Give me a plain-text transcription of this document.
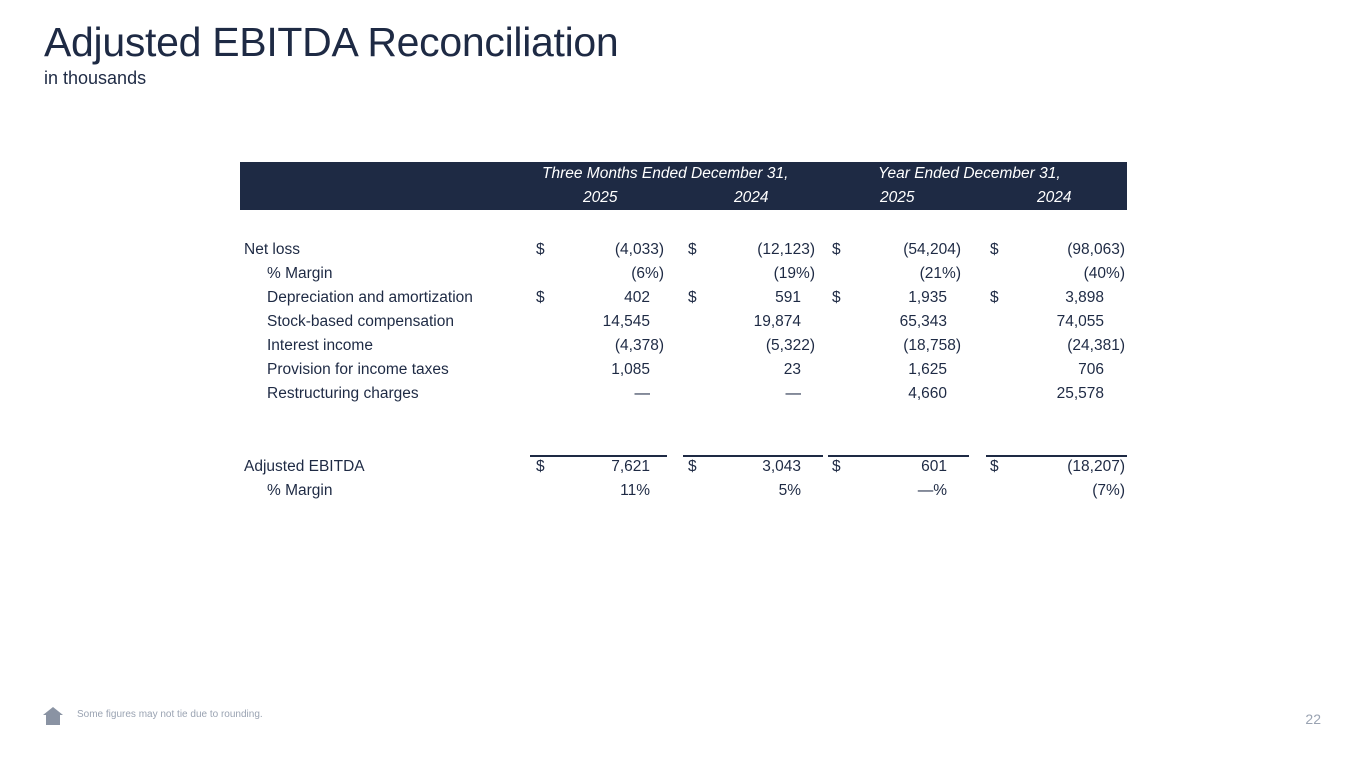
Adjusted EBITDA Reconciliation
in thousands
Three Months Ended December 31,	Year Ended December 31,
2025	2024	2025	2024
Net loss	$	(4,033) $	(12,123) $	(54,204) $	(98,063)
% Margin	(6%)	(19%)	(21%)	(40%)
Depreciation and amortization	$	402 $	591 $	1,935	$	3,898
Stock-based compensation	14,545	19,874	65,343	74,055
Interest income	(4,378)	(5,322)	(18,758)	(24,381)
Provision for income taxes	1,085	23	1,625	706
Restructuring charges	—	—	4,660	25,578
Adjusted EBITDA	$	7,621 $	3,043 $	601	$	(18,207)
% Margin	11%	5%	—%	(7%)
Some figures may not tie due to rounding.	22
